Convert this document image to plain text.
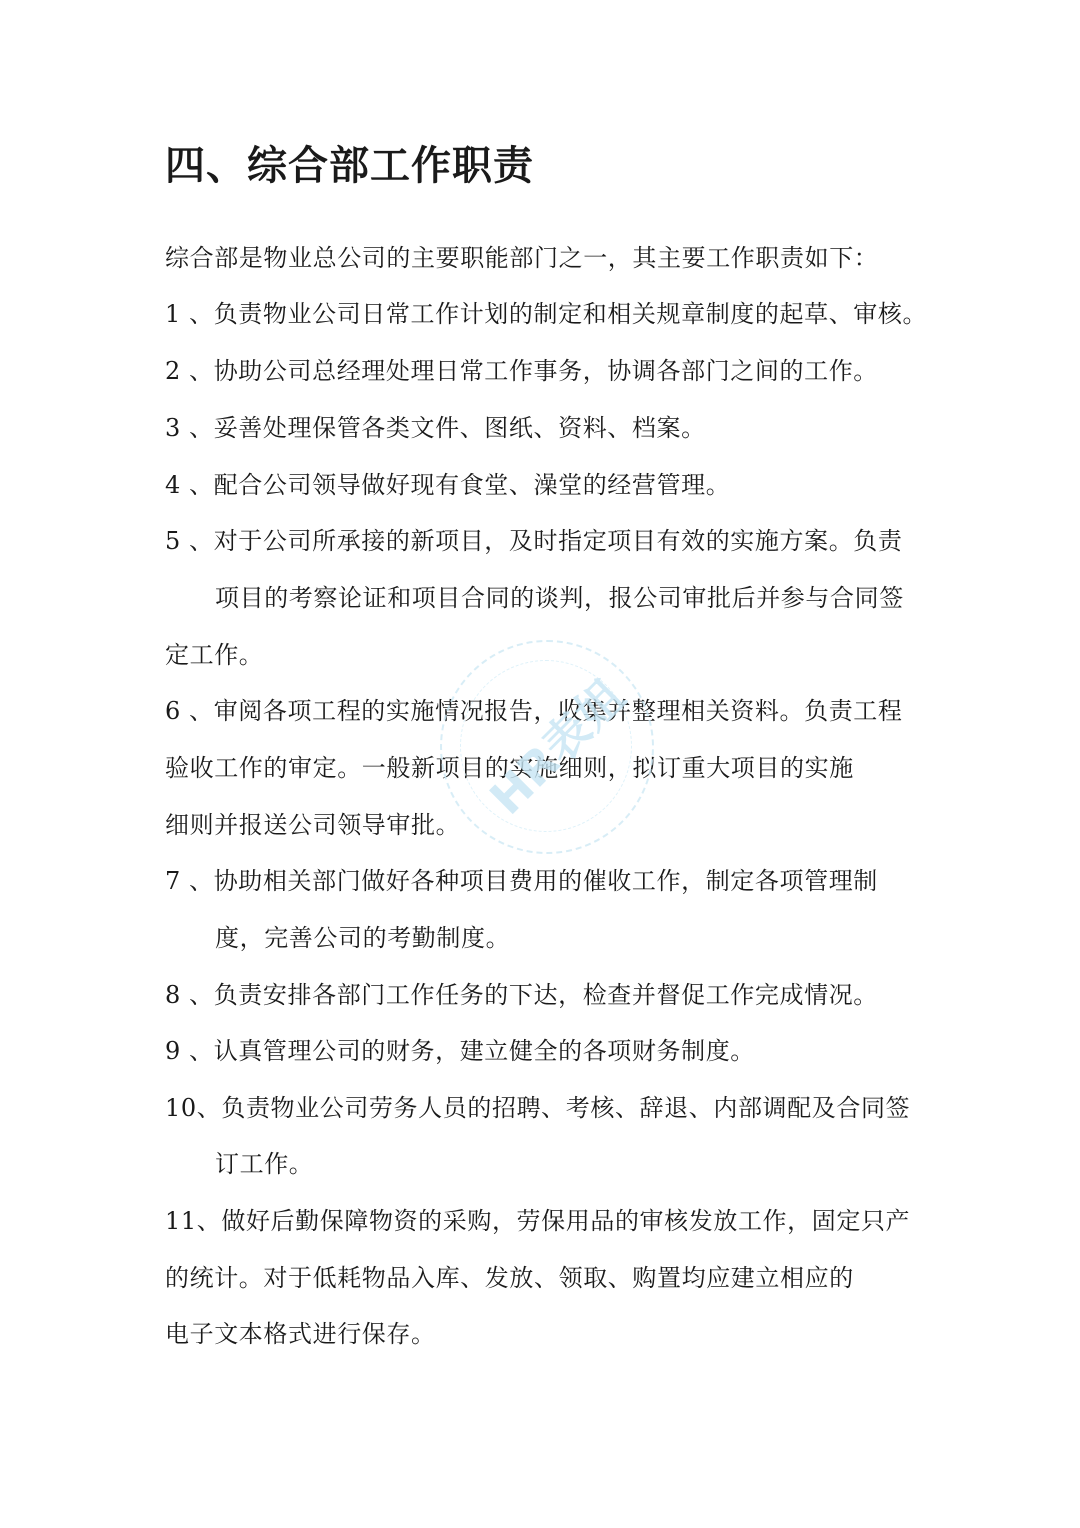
四、综合部工作职责
综合部是物业总公司的主要职能部门之一，其主要工作职责如下：
1 、负责物业公司日常工作计划的制定和相关规章制度的起草、审核。
2 、协助公司总经理处理日常工作事务，协调各部门之间的工作。
3 、妥善处理保管各类文件、图纸、资料、档案。
4 、配合公司领导做好现有食堂、澡堂的经营管理。
5 、对于公司所承接的新项目，及时指定项目有效的实施方案。负责
项目的考察论证和项目合同的谈判，报公司审批后并参与合同签
定工作。
6 、审阅各项工程的实施情况报告，收集并整理相关资料。负责工程
验收工作的审定。一般新项目的实施细则，拟订重大项目的实施
细则并报送公司领导审批。
7 、协助相关部门做好各种项目费用的催收工作，制定各项管理制
度，完善公司的考勤制度。
8 、负责安排各部门工作任务的下达，检查并督促工作完成情况。
9 、认真管理公司的财务，建立健全的各项财务制度。
10、负责物业公司劳务人员的招聘、考核、辞退、内部调配及合同签
订工作。
11、做好后勤保障物资的采购，劳保用品的审核发放工作，固定只产
的统计。对于低耗物品入库、发放、领取、购置均应建立相应的
电子文本格式进行保存。
HR表姐
